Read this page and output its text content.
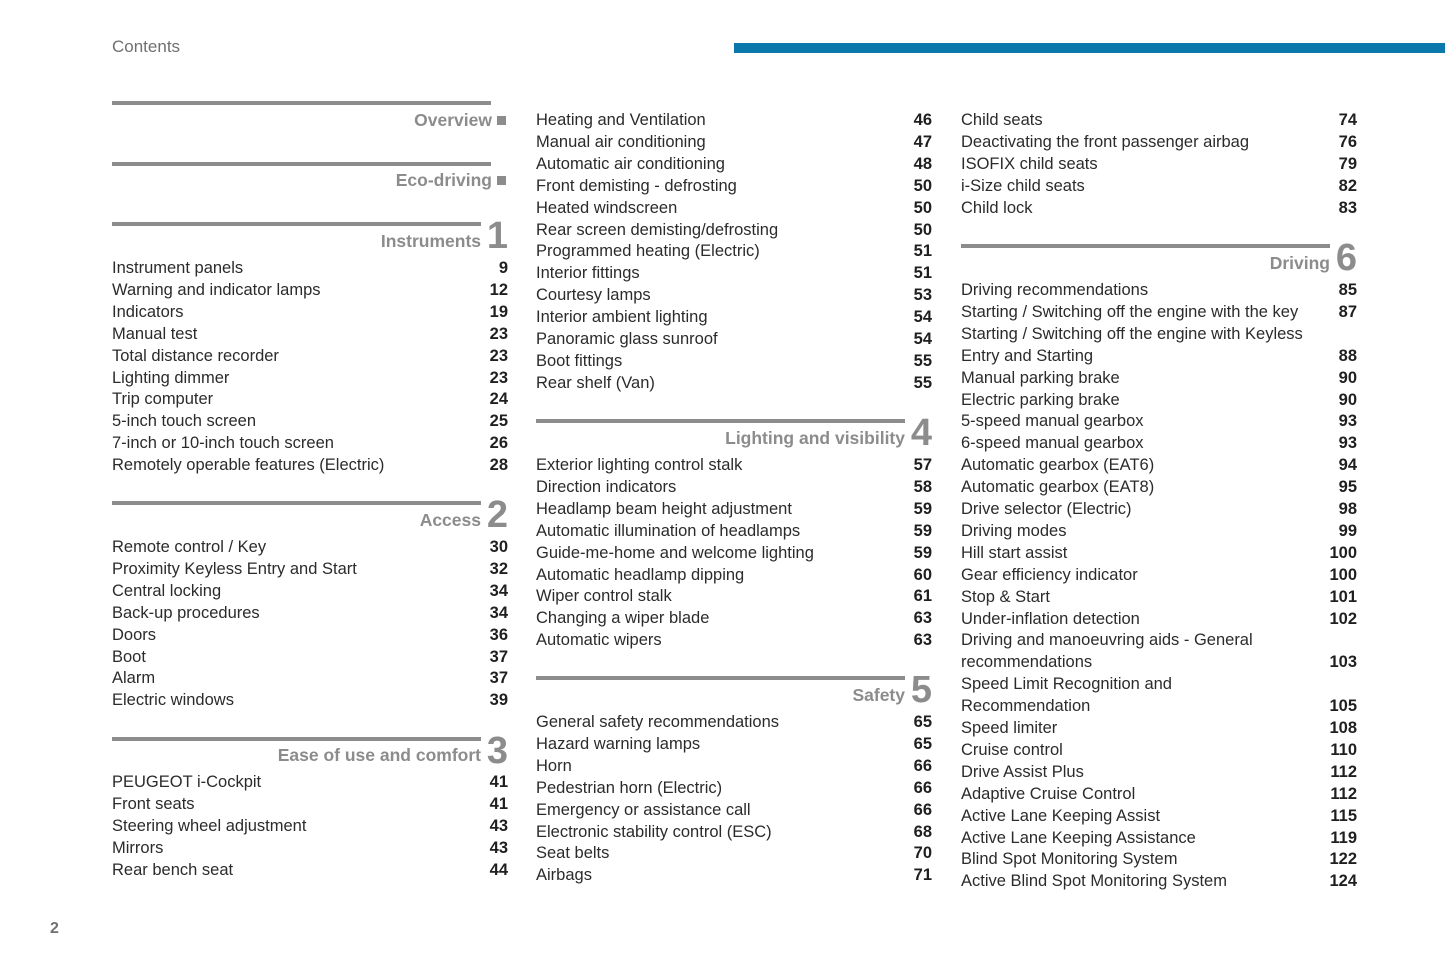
Contents
2
Overview
Eco-driving
Instruments 1
Access 2
Ease of use and comfort 3
Instrument panels	9
Warning and indicator lamps	12
Indicators	19
Manual test	23
Total distance recorder	23
Lighting dimmer	23
Trip computer	24
5-inch touch screen	25
7-inch or 10-inch touch screen	26
Remotely operable features (Electric)	28
Remote control / Key	30
Proximity Keyless Entry and Start	32
Central locking	34
Back-up procedures	34
Doors	36
Boot	37
Alarm	37
Electric windows	39
PEUGEOT i-Cockpit	41
Front seats	41
Steering wheel adjustment	43
Mirrors	43
Rear bench seat	44
Lighting and visibility 4
Safety 5
Heating and Ventilation	46
Manual air conditioning	47
Automatic air conditioning	48
Front demisting - defrosting	50
Heated windscreen	50
Rear screen demisting/defrosting	50
Programmed heating (Electric)	51
Interior fittings	51
Courtesy lamps	53
Interior ambient lighting	54
Panoramic glass sunroof	54
Boot fittings	55
Rear shelf (Van)	55
Exterior lighting control stalk	57
Direction indicators	58
Headlamp beam height adjustment	59
Automatic illumination of headlamps	59
Guide-me-home and welcome lighting	59
Automatic headlamp dipping	60
Wiper control stalk	61
Changing a wiper blade	63
Automatic wipers	63
General safety recommendations	65
Hazard warning lamps	65
Horn	66
Pedestrian horn (Electric)	66
Emergency or assistance call	66
Electronic stability control (ESC)	68
Seat belts	70
Airbags	71
Driving 6
Child seats	74
Deactivating the front passenger airbag	76
ISOFIX child seats	79
i-Size child seats	82
Child lock	83
Driving recommendations	85
Starting / Switching off the engine with the key 87
Starting / Switching off the engine with Keyless
Entry and Starting	88
Manual parking brake	90
Electric parking brake	90
5-speed manual gearbox	93
6-speed manual gearbox	93
Automatic gearbox (EAT6)	94
Automatic gearbox (EAT8)	95
Drive selector (Electric)	98
Driving modes	99
Hill start assist	100
Gear efficiency indicator	100
Stop & Start	101
Under-inflation detection	102
Driving and manoeuvring aids - General
recommendations	103
Speed Limit Recognition and
Recommendation	105
Speed limiter	108
Cruise control	110
Drive Assist Plus	112
Adaptive Cruise Control	112
Active Lane Keeping Assist	115
Active Lane Keeping Assistance	119
Blind Spot Monitoring System	122
Active Blind Spot Monitoring System	124
